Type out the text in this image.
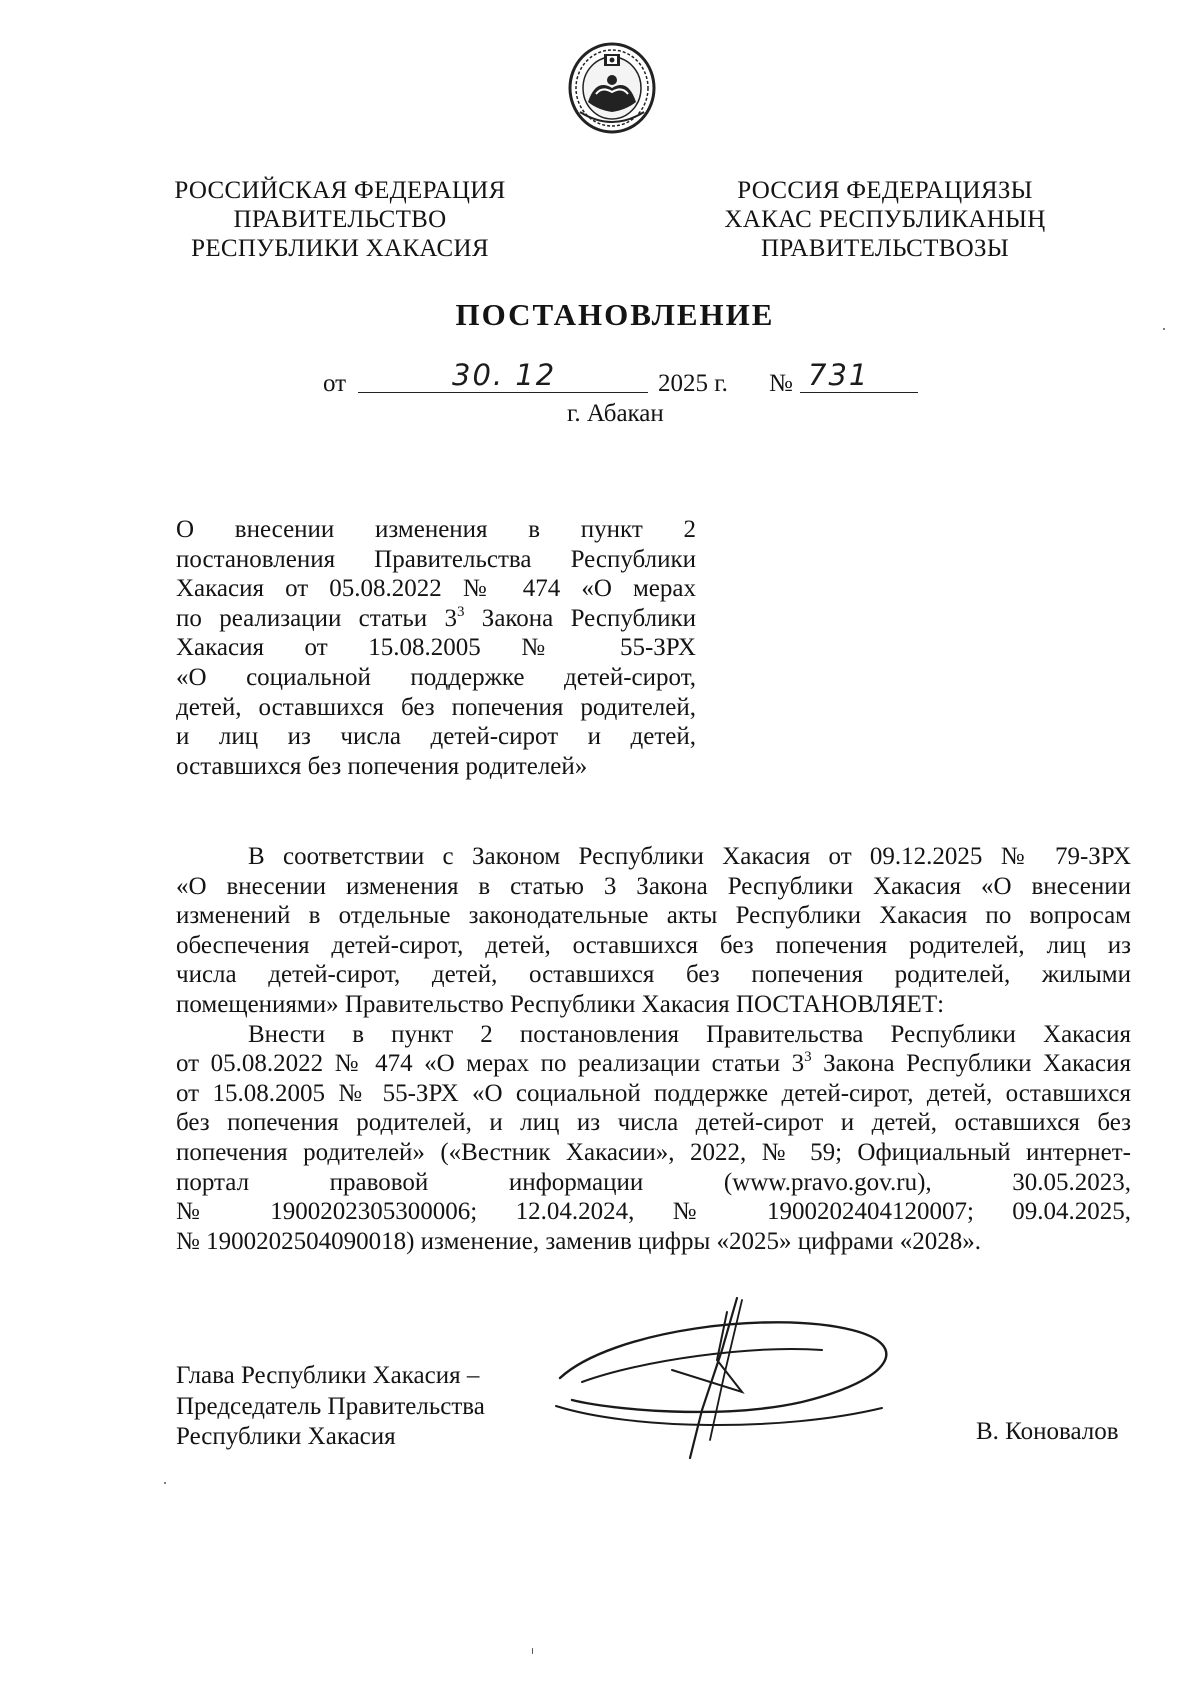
РОССИЙСКАЯ ФЕДЕРАЦИЯ
ПРАВИТЕЛЬСТВО
РЕСПУБЛИКИ ХАКАСИЯ
РОССИЯ ФЕДЕРАЦИЯЗЫ
ХАКАС РЕСПУБЛИКАНЫҢ
ПРАВИТЕЛЬСТВОЗЫ
ПОСТАНОВЛЕНИЕ
от	30. 12	2025 г. № 731
г. Абакан
О внесении изменения в пункт 2
постановления Правительства Республики
Хакасия от 05.08.2022 № 474 «О мерах
по реализации статьи $3^3$ Закона Республики
Хакасия от 15.08.2005 № 55-ЗРХ
«О социальной поддержке детей-сирот,
детей, оставшихся без попечения родителей,
и лиц из числа детей-сирот и детей,
оставшихся без попечения родителей»
В соответствии с Законом Республики Хакасия от 09.12.2025 № 79-ЗРХ
«О внесении изменения в статью 3 Закона Республики Хакасия «О внесении
изменений в отдельные законодательные акты Республики Хакасия по вопросам
обеспечения детей-сирот, детей, оставшихся без попечения родителей, лиц из
числа детей-сирот, детей, оставшихся без попечения родителей, жилыми
помещениями» Правительство Республики Хакасия ПОСТАНОВЛЯЕТ:
Внести в пункт 2 постановления Правительства Республики Хакасия
от 05.08.2022 № 474 «О мерах по реализации статьи $3^3$ Закона Республики Хакасия
от 15.08.2005 № 55-ЗРХ «О социальной поддержке детей-сирот, детей, оставшихся
без попечения родителей, и лиц из числа детей-сирот и детей, оставшихся без
попечения родителей» («Вестник Хакасии», 2022, № 59; Официальный интернет-
портал правовой информации (www.pravo.gov.ru), 30.05.2023,
№ 1900202305300006; 12.04.2024, № 1900202404120007; 09.04.2025,
№ 1900202504090018) изменение, заменив цифры «2025» цифрами «2028».
Глава Республики Хакасия –
Председатель Правительства
Республики Хакасия	В. Коновалов
